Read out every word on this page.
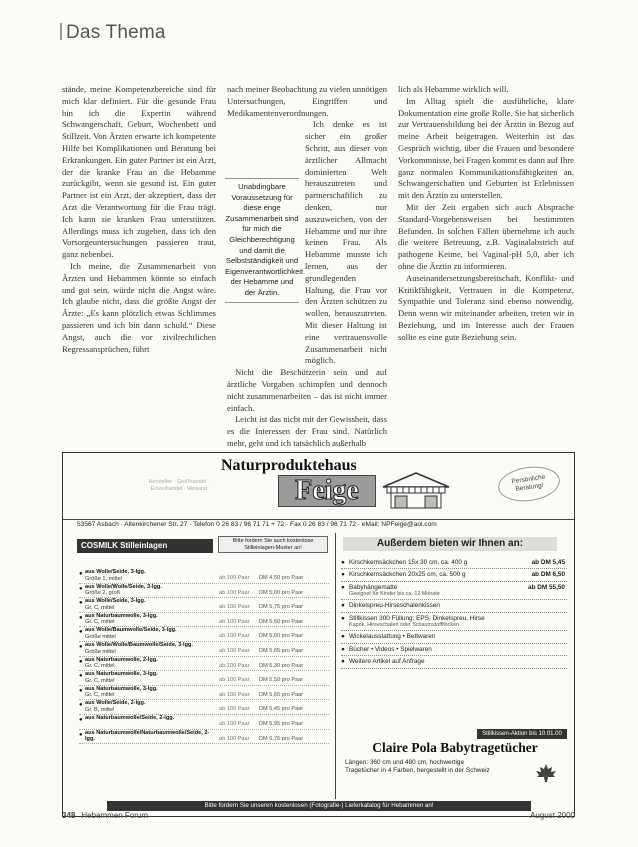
Das Thema

stände, meine Kompetenzbereiche sind für mich klar definiert. Für die gesunde Frau bin ich die Expertin während Schwangerschaft, Geburt, Wochenbett und Stillzeit. Von Ärzten erwarte ich kompetente Hilfe bei Komplikationen und Beratung bei Erkrankungen. Ein guter Partner ist ein Arzt, der die kranke Frau an die Hebamme zurückgibt, wenn sie gesund ist. Ein guter Partner ist ein Arzt, der akzeptiert, dass der Arzt die Verantwortung für die Frau trägt. Ich kann sie kranken Frau unterstützen. Allerdings muss ich zugeben, dass ich den Vorsorgeuntersuchungen passieren traut, ganz nebenbei.

Ich meine, die Zusammenarbeit von Ärzten und Hebammen könnte so einfach und gut sein, würde nicht die Angst wäre. Ich glaube nicht, dass die größte Angst der Ärzte: „Es kann plötzlich etwas Schlimmes passieren und ich bin dann schuld.“ Diese Angst, auch die vor zivilrechtlichen Regressansprüchen, führt

nach meiner Beobachtung zu vielen unnötigen Untersuchungen, Eingriffen und Medikamentenverordnungen.

Ich denke es ist sicher ein großer Schritt, aus dieser von ärztlicher Allmacht dominierten Welt herauszutreten und partnerschaftlich zu denken, nur auszuweichen, von der Hebamme und nur ihre keinen Frau. Als Hebamme musste ich lernen, aus der grundlegenden Haltung, die Frau vor den Ärzten schützen zu wollen, herauszutreten. Mit dieser Haltung ist eine vertrauensvolle Zusammenarbeit nicht möglich.

Nicht die Beschützerin sein und auf ärztliche Vorgaben schimpfen und dennoch nicht zusammenarbeiten – das ist nicht immer einfach.

Leicht ist das nicht mit der Gewissheit, dass es die Interessen der Frau sind. Natürlich mehr, geht und ich tatsächlich außerhalb

Unabdingbare Voraussetzung für diese enge Zusammenarbeit sind für mich die Gleichberechtigung und damit die Selbstständigkeit und Eigenverantwortlichkeit der Hebamme und der Ärztin.

lich als Hebamme wirklich will.

Im Alltag spielt die ausführliche, klare Dokumentation eine große Rolle. Sie hat sicherlich zur Vertrauensbildung bei der Ärztin in Bezug auf meine Arbeit beigetragen. Weiterhin ist das Gespräch wichtig, über die Frauen und besondere Vorkommnisse, bei Fragen kommt es dann auf Ihre ganz normalen Kommunikationsfähigkeiten an. Schwangerschaften und Geburten ist Erlebnissen mit den Ärztin zu unterstellen.

Mit der Zeit ergaben sich auch Absprache Standard-Vorgehensweisen bei bestimmten Befunden. In solchen Fällen übernehme ich auch die weitere Betreuung, z.B. Vaginalabstrich auf pathogene Keime, bei Vaginal-pH 5,0, aber ich ohne die Ärztin zu informieren.

Auseinandersetzungsbereitschaft, Konflikt- und Kritikfähigkeit, Vertrauen in die Kompetenz, Sympathie und Toleranz sind ebenso notwendig. Denn wenn wir miteinander arbeiten, treten wir in Beziehung, und im Interesse auch der Frauen sollte es eine gute Beziehung sein.

Hersteller · Großhandel · Einzelhandel · Versand
Naturproduktehaus
Feige	Persönliche Beratung!
53567 Asbach · Altenkirchener Str. 27 · Telefon 0 26 83 / 96 71 71 + 72 · Fax 0 26 83 / 96 71 72 · eMail: NPFeige@aol.com
COSMILK Stilleinlagen	Bitte fordern Sie auch kostenlose Stilleinlagen-Muster an!
● aus Wolle/Seide, 3-lgg.
Größe 1, mittel	ab 100 Paar DM 4,50 pro Paar
● aus Wolle/Wolle/Seide, 3-lgg.
Größe 2, groß	ab 100 Paar DM 5,00 pro Paar
● aus Wolle/Seide, 3-lgg.
Gr. C, mittel	ab 100 Paar DM 5,75 pro Paar
● aus Naturbaumwolle, 3-lgg.
Gr. C, mittel	ab 100 Paar DM 5,50 pro Paar
● aus Wolle/Baumwolle/Seide, 3-lgg.
Größe mittel	ab 100 Paar DM 5,00 pro Paar
● aus Wolle/Wolle/Baumwolle/Seide, 3-lgg.
Größe mittel	ab 100 Paar DM 5,65 pro Paar
● aus Naturbaumwolle, 2-lgg.
Gr. C, mittel	ab 100 Paar DM 5,30 pro Paar
● aus Naturbaumwolle, 3-lgg.
Gr. C, mittel	ab 100 Paar DM 5,50 pro Paar
● aus Naturbaumwolle, 3-lgg.
Gr. C, mittel	ab 100 Paar DM 5,65 pro Paar
● aus Wolle/Seide, 2-lgg.
Gr. B, mittel	ab 100 Paar DM 5,45 pro Paar
● aus Naturbaumwolle/Seide, 2-lgg.
ab 100 Paar DM 5,95 pro Paar
● aus Naturbaumwolle/Naturbaumwolle/Seide, 2-lgg.	ab 100 Paar DM 6,75 pro Paar
Außerdem bieten wir Ihnen an:
● Kirschkernsäckchen 15x 30 cm, ca. 400 g	ab DM 5,45
● Kirschkernsäckchen 20x25 cm, ca. 500 g	ab DM 6,50
● Babyhängematte
Geeignet für Kinder bis ca. 12 Monate
ab DM 55,50
● Dinkelspreu-Hirseschalenkissen
● Stillkissen 300 Füllung: EPS, Dinkelspreu, Hirse
Kapok, Hirseschalen oder Schaumstoffflocken
● Wickelausstattung • Bettwaren
● Bücher • Videos • Spielwaren
● Weitere Artikel auf Anfrage
Stillkissen-Aktion bis 10.01.00
Claire Pola Babytragetücher
Längen: 360 cm und 480 cm, hochwertige Tragetücher in 4 Farben, hergestellt in der Schweiz
Bitte fordern Sie unseren kostenlosen (Fotografie-) Lieferkatalog für Hebammen an!
348 Hebammen Forum	August 2000
